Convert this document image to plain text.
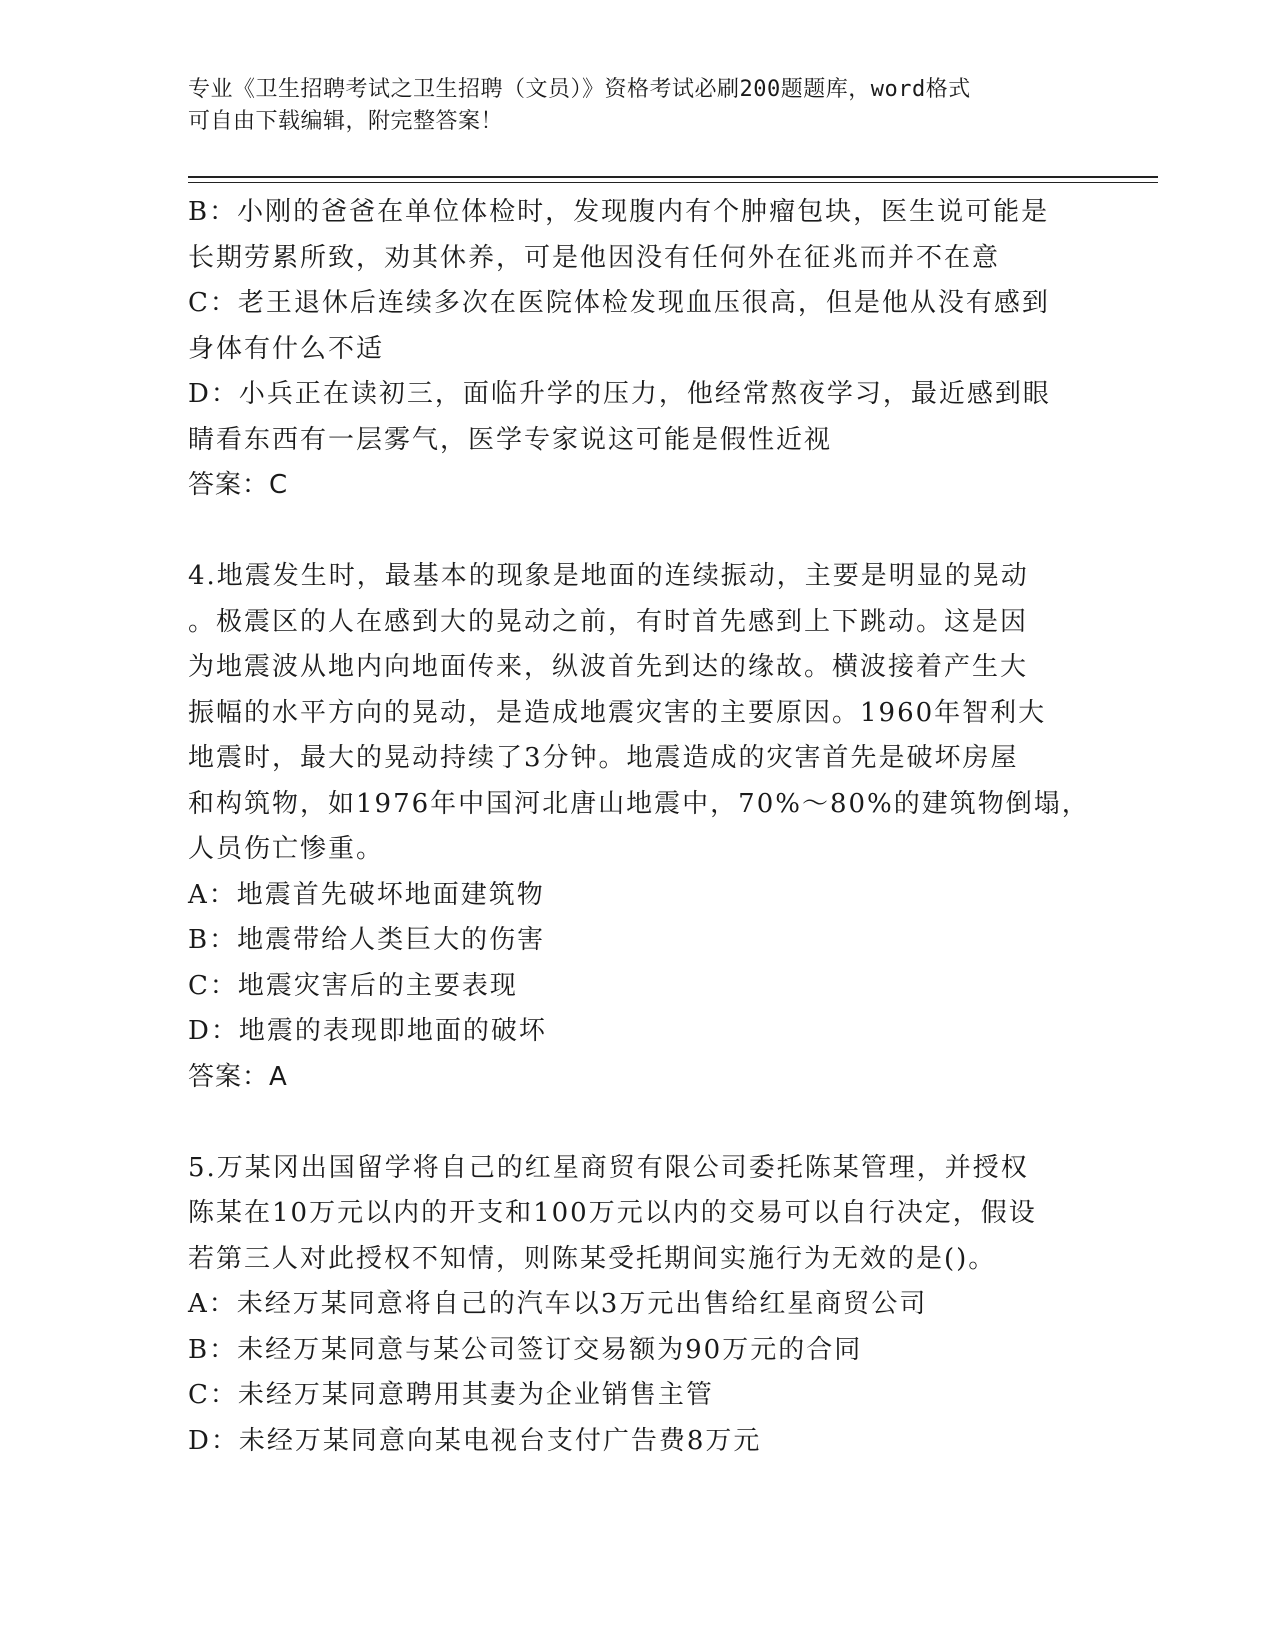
专业《卫生招聘考试之卫生招聘（文员）》资格考试必刷200题题库，word格式
可自由下载编辑，附完整答案！
B：小刚的爸爸在单位体检时，发现腹内有个肿瘤包块，医生说可能是
长期劳累所致，劝其休养，可是他因没有任何外在征兆而并不在意
C：老王退休后连续多次在医院体检发现血压很高，但是他从没有感到
身体有什么不适
D：小兵正在读初三，面临升学的压力，他经常熬夜学习，最近感到眼
睛看东西有一层雾气，医学专家说这可能是假性近视
答案：C
4.地震发生时，最基本的现象是地面的连续振动，主要是明显的晃动
。极震区的人在感到大的晃动之前，有时首先感到上下跳动。这是因
为地震波从地内向地面传来，纵波首先到达的缘故。横波接着产生大
振幅的水平方向的晃动，是造成地震灾害的主要原因。1960年智利大
地震时，最大的晃动持续了3分钟。地震造成的灾害首先是破坏房屋
和构筑物，如1976年中国河北唐山地震中，70%～80%的建筑物倒塌，
人员伤亡惨重。
A：地震首先破坏地面建筑物
B：地震带给人类巨大的伤害
C：地震灾害后的主要表现
D：地震的表现即地面的破坏
答案：A
5.万某冈出国留学将自己的红星商贸有限公司委托陈某管理，并授权
陈某在10万元以内的开支和100万元以内的交易可以自行决定，假设
若第三人对此授权不知情，则陈某受托期间实施行为无效的是()。
A：未经万某同意将自己的汽车以3万元出售给红星商贸公司
B：未经万某同意与某公司签订交易额为90万元的合同
C：未经万某同意聘用其妻为企业销售主管
D：未经万某同意向某电视台支付广告费8万元
